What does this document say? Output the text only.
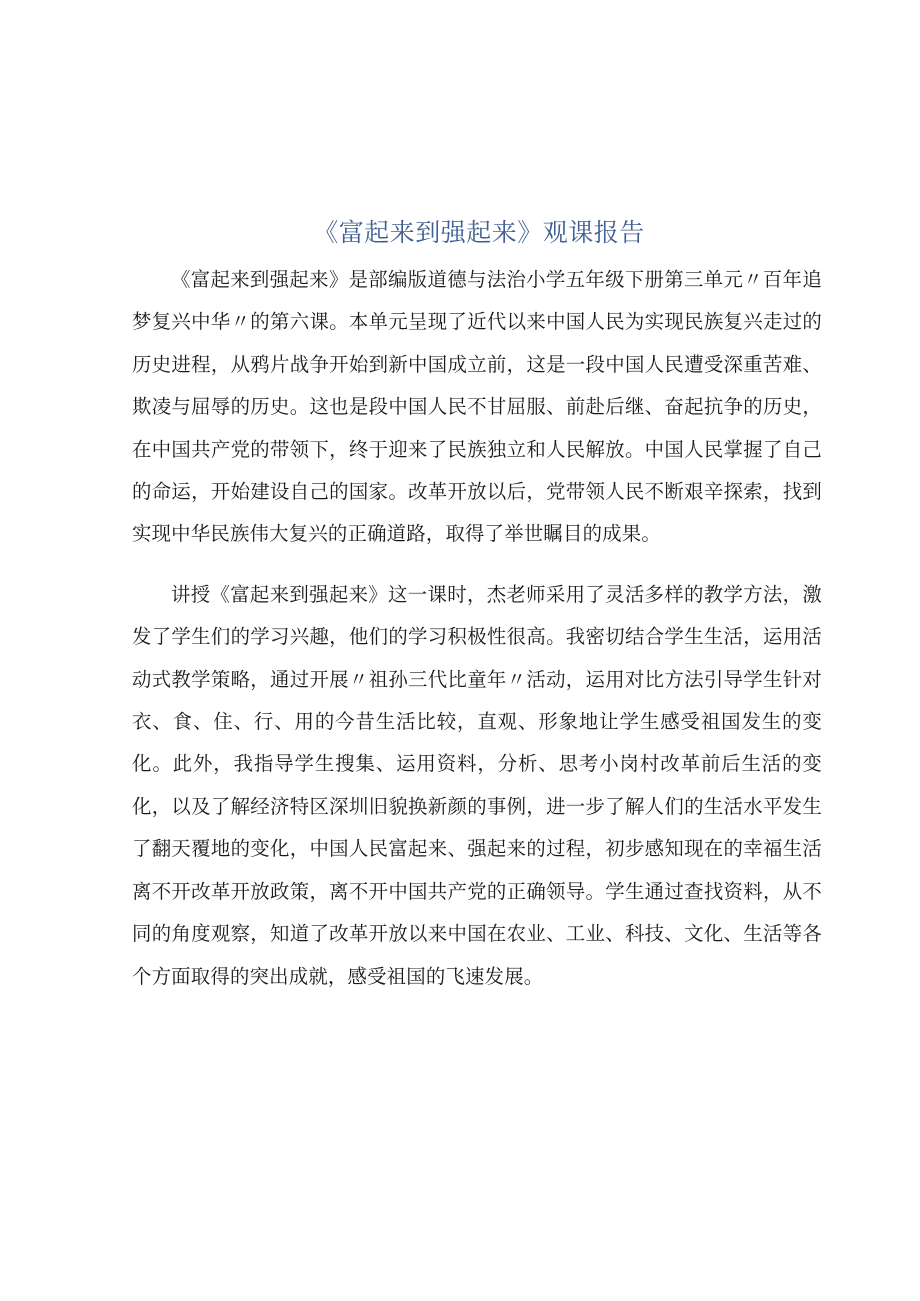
《富起来到强起来》观课报告

《富起来到强起来》是部编版道德与法治小学五年级下册第三单元〃百年追梦复兴中华〃的第六课。本单元呈现了近代以来中国人民为实现民族复兴走过的历史进程，从鸦片战争开始到新中国成立前，这是一段中国人民遭受深重苦难、欺凌与屈辱的历史。这也是段中国人民不甘屈服、前赴后继、奋起抗争的历史，在中国共产党的带领下，终于迎来了民族独立和人民解放。中国人民掌握了自己的命运，开始建设自己的国家。改革开放以后，党带领人民不断艰辛探索，找到实现中华民族伟大复兴的正确道路，取得了举世瞩目的成果。

讲授《富起来到强起来》这一课时，杰老师采用了灵活多样的教学方法，激发了学生们的学习兴趣，他们的学习积极性很高。我密切结合学生生活，运用活动式教学策略，通过开展〃祖孙三代比童年〃活动，运用对比方法引导学生针对衣、食、住、行、用的今昔生活比较，直观、形象地让学生感受祖国发生的变化。此外，我指导学生搜集、运用资料，分析、思考小岗村改革前后生活的变化，以及了解经济特区深圳旧貌换新颜的事例，进一步了解人们的生活水平发生了翻天覆地的变化，中国人民富起来、强起来的过程，初步感知现在的幸福生活离不开改革开放政策，离不开中国共产党的正确领导。学生通过查找资料，从不同的角度观察，知道了改革开放以来中国在农业、工业、科技、文化、生活等各个方面取得的突出成就，感受祖国的飞速发展。
